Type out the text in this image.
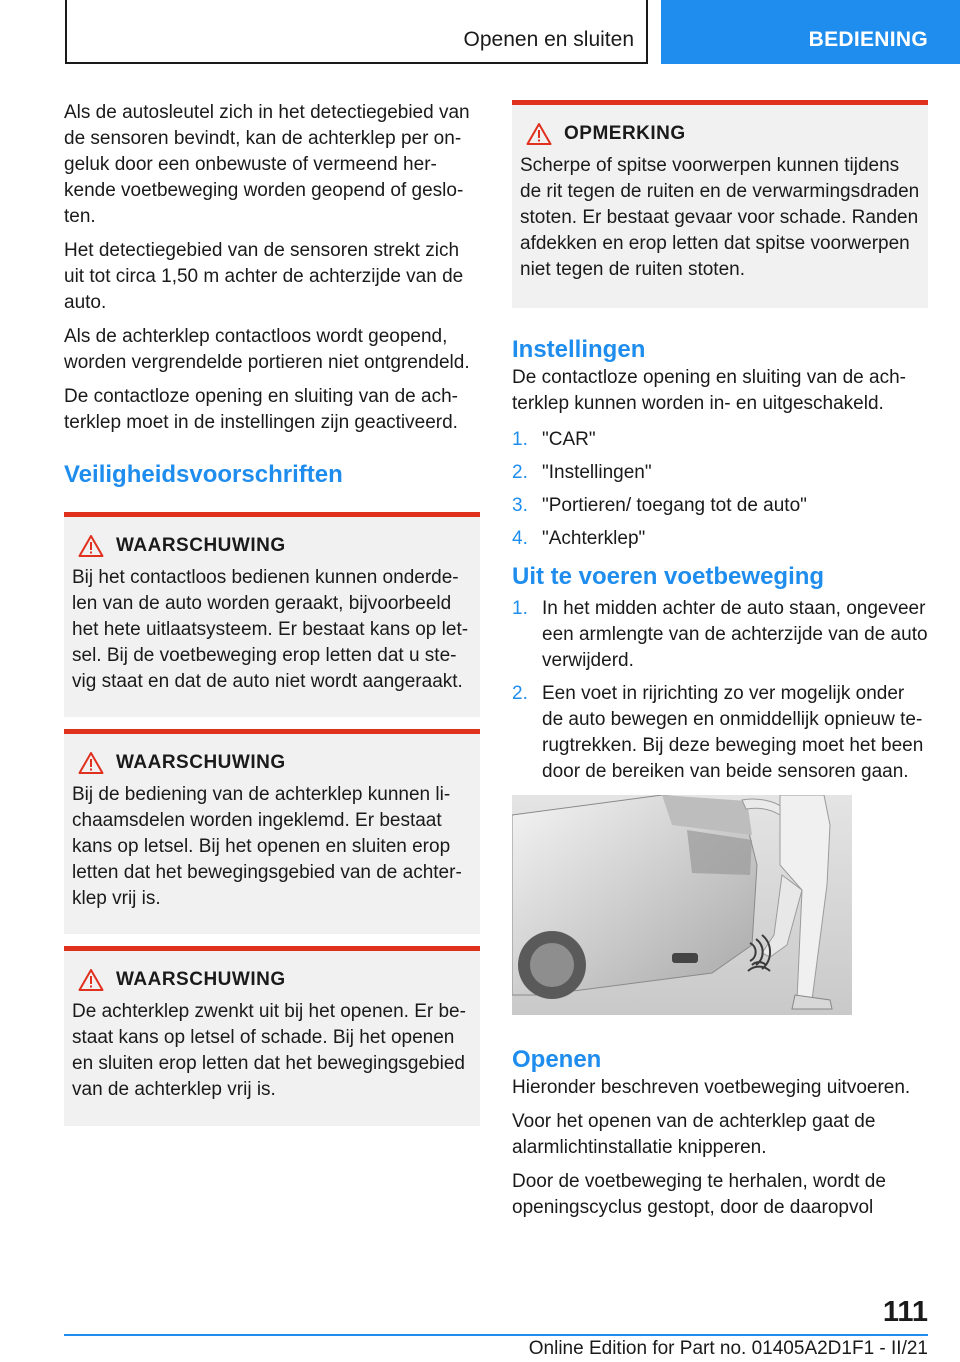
Openen en sluiten	BEDIENING

Als de autosleutel zich in het detectiegebied van de sensoren bevindt, kan de achterklep per ongeluk door een onbewuste of vermeend herkende voetbeweging worden geopend of gesloten.

Het detectiegebied van de sensoren strekt zich uit tot circa 1,50 m achter de achterzijde van de auto.

Als de achterklep contactloos wordt geopend, worden vergrendelde portieren niet ontgrendeld.

De contactloze opening en sluiting van de achterklep moet in de instellingen zijn geactiveerd.

Veiligheidsvoorschriften
WAARSCHUWING

Bij het contactloos bedienen kunnen onderdelen van de auto worden geraakt, bijvoorbeeld het hete uitlaatsysteem. Er bestaat kans op letsel. Bij de voetbeweging erop letten dat u stevig staat en dat de auto niet wordt aangeraakt.

WAARSCHUWING

Bij de bediening van de achterklep kunnen lichaamsdelen worden ingeklemd. Er bestaat kans op letsel. Bij het openen en sluiten erop letten dat het bewegingsgebied van de achterklep vrij is.

WAARSCHUWING

De achterklep zwenkt uit bij het openen. Er bestaat kans op letsel of schade. Bij het openen en sluiten erop letten dat het bewegingsgebied van de achterklep vrij is.

OPMERKING

Scherpe of spitse voorwerpen kunnen tijdens de rit tegen de ruiten en de verwarmingsdraden stoten. Er bestaat gevaar voor schade. Randen afdekken en erop letten dat spitse voorwerpen niet tegen de ruiten stoten.

Instellingen

De contactloze opening en sluiting van de achterklep kunnen worden in- en uitgeschakeld.

1. "CAR"
2. "Instellingen"
3. "Portieren/ toegang tot de auto"
4. "Achterklep"
Uit te voeren voetbeweging
1. In het midden achter de auto staan, ongeveer een armlengte van de achterzijde van de auto verwijderd.
2. Een voet in rijrichting zo ver mogelijk onder de auto bewegen en onmiddellijk opnieuw terugtrekken. Bij deze beweging moet het been door de bereiken van beide sensoren gaan.
Openen

Hieronder beschreven voetbeweging uitvoeren.

Voor het openen van de achterklep gaat de alarmlichtinstallatie knipperen.

Door de voetbeweging te herhalen, wordt de openingscyclus gestopt, door de daaropvol

111
Online Edition for Part no. 01405A2D1F1 - II/21
